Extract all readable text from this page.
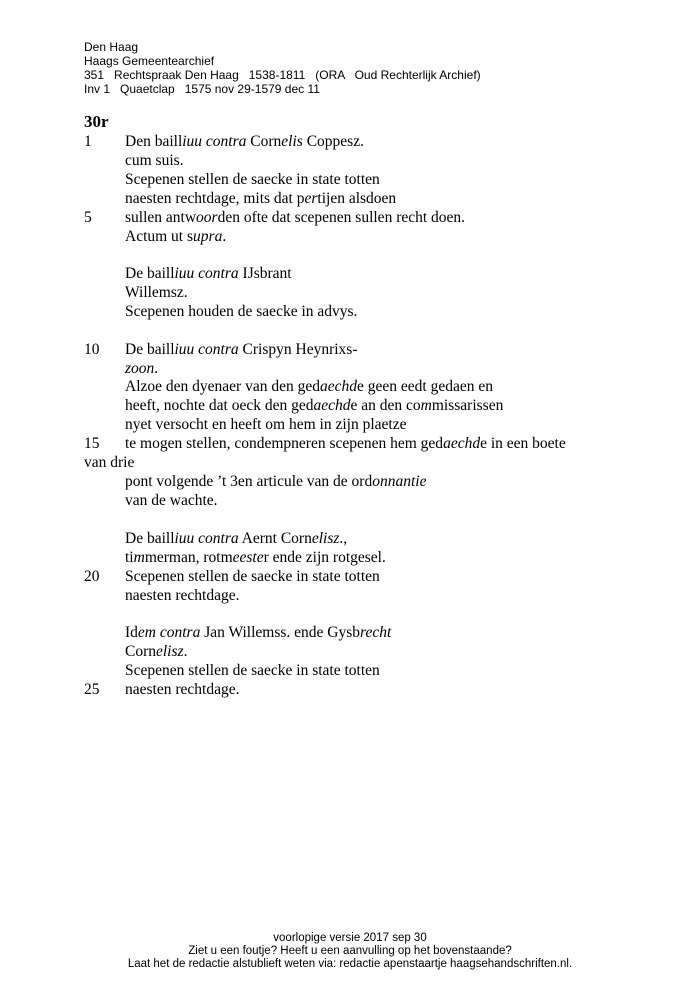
Den Haag
Haags Gemeentearchief
351   Rechtspraak Den Haag   1538-1811   (ORA   Oud Rechterlijk Archief)
Inv 1   Quaetclap   1575 nov 29-1579 dec 11
30r
1 Den bailliuu contra Cornelis Coppesz.
cum suis.
Scepenen stellen de saecke in state totten
naesten rechtdage, mits dat pertijen alsdoen
5 sullen antwoorden ofte dat scepenen sullen recht doen.
Actum ut supra.
De bailliuu contra IJsbrant
Willemsz.
Scepenen houden de saecke in advys.
10 De bailliuu contra Crispyn Heynrixs-
zoon.
Alzoe den dyenaer van den gedaechde geen eedt gedaen en
heeft, nochte dat oeck den gedaechde an den commissarissen
nyet versocht en heeft om hem in zijn plaetze
15 te mogen stellen, condempneren scepenen hem gedaechde in een boete
van drie
pont volgende ’t 3en articule van de ordonnantie
van de wachte.
De bailliuu contra Aernt Cornelisz.,
timmerman, rotmeester ende zijn rotgesel.
20 Scepenen stellen de saecke in state totten
naesten rechtdage.
Idem contra Jan Willemss. ende Gysbrecht
Cornelisz.
Scepenen stellen de saecke in state totten
25 naesten rechtdage.
voorlopige versie 2017 sep 30
Ziet u een foutje? Heeft u een aanvulling op het bovenstaande?
Laat het de redactie alstublieft weten via: redactie apenstaartje haagsehandschriften.nl.
